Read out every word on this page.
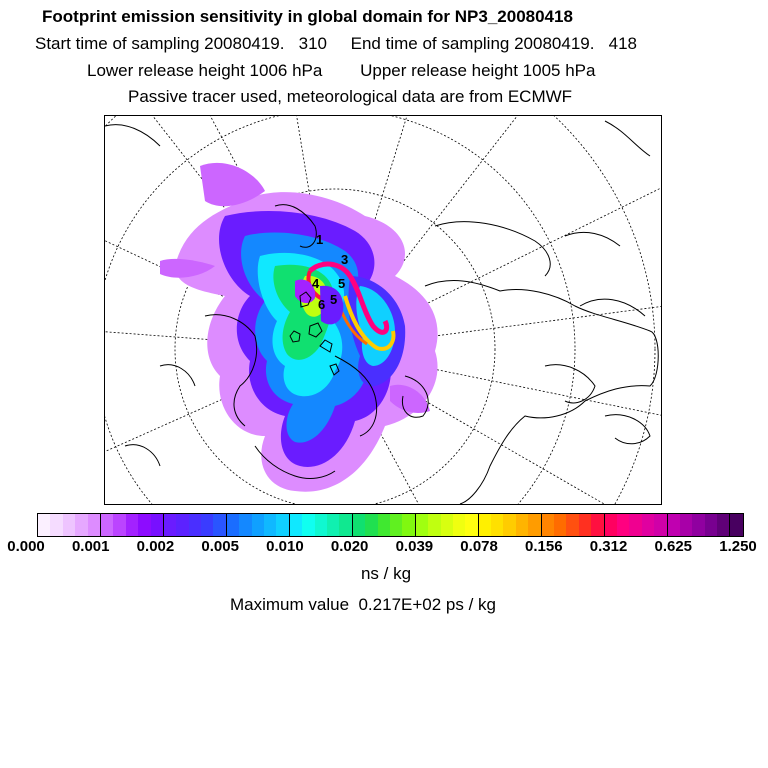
Footprint emission sensitivity in global domain for NP3_20080418
Start time of sampling 20080419.   310     End time of sampling 20080419.   418
Lower release height 1006 hPa        Upper release height 1005 hPa
Passive tracer used, meteorological data are from ECMWF
1
3
4 5
6 5
0.000 0.001 0.002 0.005 0.010 0.020 0.039 0.078 0.156 0.312 0.625 1.250
ns / kg
Maximum value  0.217E+02 ps / kg
